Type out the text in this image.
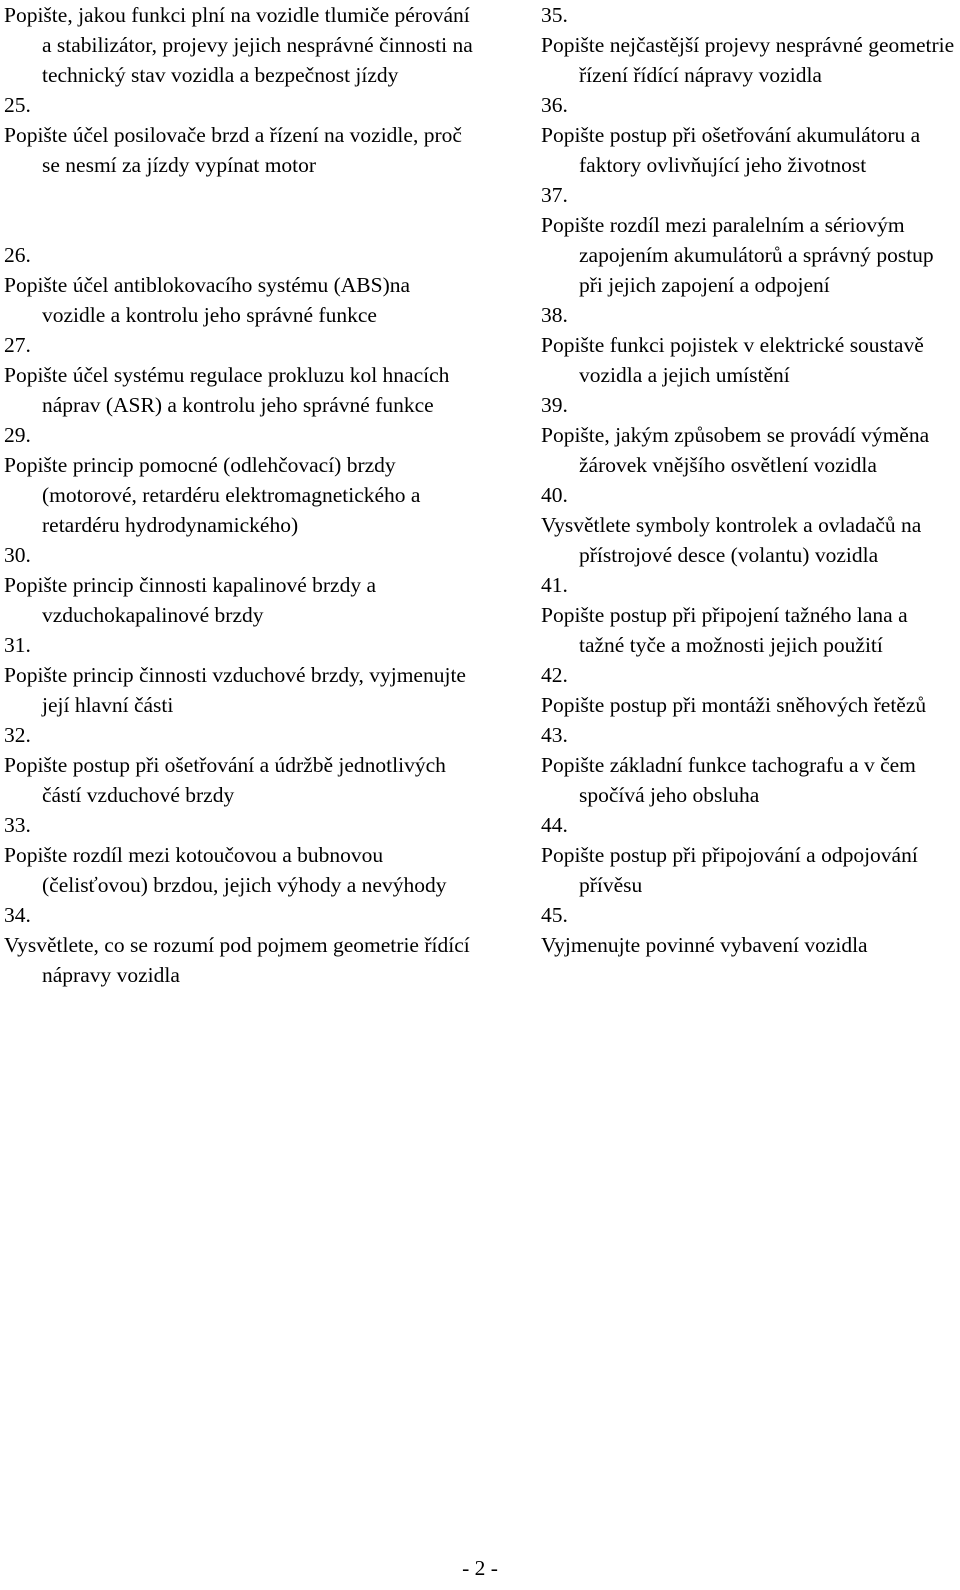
Popište, jakou funkci plní na vozidle tlumiče pérování a stabilizátor, projevy jejich nesprávné činnosti na technický stav vozidla a bezpečnost jízdy
25.
Popište účel posilovače brzd a řízení na vozidle, proč se nesmí za jízdy vypínat motor
26.
Popište účel antiblokovacího systému (ABS)na vozidle a kontrolu jeho správné funkce
27.
Popište účel systému regulace prokluzu kol hnacích náprav (ASR) a kontrolu jeho správné funkce
29.
Popište princip pomocné (odlehčovací) brzdy (motorové, retardéru elektromagnetického a retardéru hydrodynamického)
30.
Popište princip činnosti kapalinové brzdy a vzduchokapalinové brzdy
31.
Popište princip činnosti vzduchové brzdy, vyjmenujte její hlavní části
32.
Popište postup při ošetřování a údržbě jednotlivých částí vzduchové brzdy
33.
Popište rozdíl mezi kotoučovou a bubnovou (čelisťovou) brzdou, jejich výhody a nevýhody
34.
Vysvětlete, co se rozumí pod pojmem geometrie řídící nápravy vozidla
35.
Popište nejčastější projevy nesprávné geometrie řízení řídící nápravy vozidla
36.
Popište postup při ošetřování akumulátoru a faktory ovlivňující jeho životnost
37.
Popište rozdíl mezi paralelním a sériovým zapojením akumulátorů a správný postup při jejich zapojení a odpojení
38.
Popište funkci pojistek v elektrické soustavě vozidla a jejich umístění
39.
Popište, jakým způsobem se provádí výměna žárovek vnějšího osvětlení vozidla
40.
Vysvětlete symboly kontrolek a ovladačů na přístrojové desce (volantu) vozidla
41.
Popište postup při připojení tažného lana a tažné tyče a možnosti jejich použití
42.
Popište postup při montáži sněhových řetězů
43.
Popište základní funkce tachografu a v čem spočívá jeho obsluha
44.
Popište postup při připojování a odpojování přívěsu
45.
Vyjmenujte povinné vybavení vozidla
- 2 -
